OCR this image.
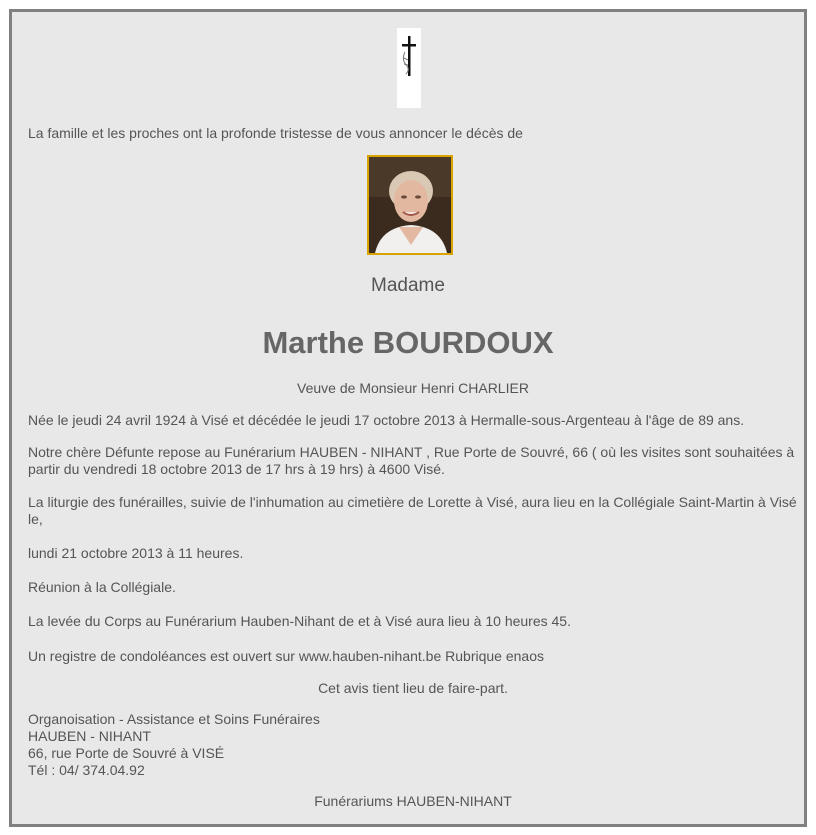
La famille et les proches ont la profonde tristesse de vous annoncer le décès de

Madame
Marthe BOURDOUX

Veuve de Monsieur Henri CHARLIER

Née le jeudi 24 avril 1924 à Visé et décédée le jeudi 17 octobre 2013 à Hermalle-sous-Argenteau à l'âge de 89 ans.

Notre chère Défunte repose au Funérarium HAUBEN - NIHANT , Rue Porte de Souvré, 66 ( où les visites sont souhaitées à partir du vendredi 18 octobre 2013 de 17 hrs à 19 hrs) à 4600 Visé.

La liturgie des funérailles, suivie de l'inhumation au cimetière de Lorette à Visé, aura lieu en la Collégiale Saint-Martin à Visé le,

lundi 21 octobre 2013 à 11 heures.

Réunion à la Collégiale.

La levée du Corps au Funérarium Hauben-Nihant de et à Visé aura lieu à 10 heures 45.

Un registre de condoléances est ouvert sur www.hauben-nihant.be Rubrique enaos

Cet avis tient lieu de faire-part.

Organoisation - Assistance et Soins Funéraires
HAUBEN - NIHANT
66, rue Porte de Souvré à VISÉ
Tél : 04/ 374.04.92

Funérariums HAUBEN-NIHANT
